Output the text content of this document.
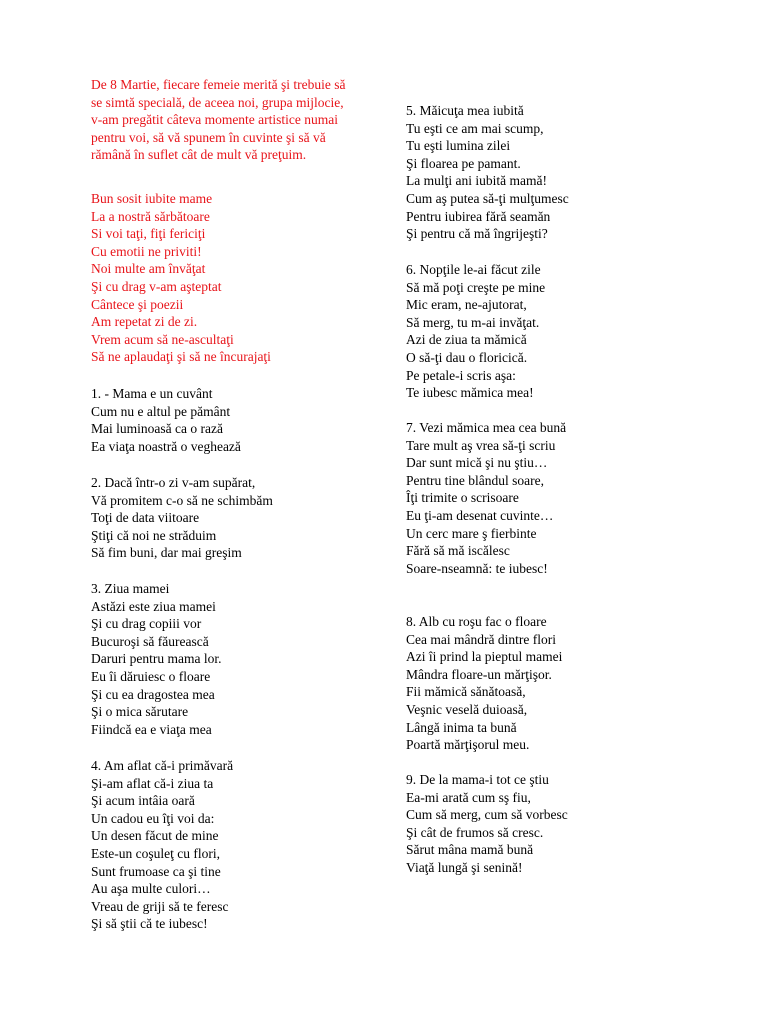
De 8 Martie, fiecare femeie merită şi trebuie să
se simtă specială, de aceea noi, grupa mijlocie,
v-am pregătit câteva momente artistice numai
pentru voi, să vă spunem în cuvinte şi să vă
rămână în suflet cât de mult vă preţuim.
Bun sosit iubite mame
La a nostră sărbătoare
Si voi taţi, fiţi fericiţi
Cu emotii ne priviti!
Noi multe am învăţat
Şi cu drag v-am aşteptat
Cântece şi poezii
Am repetat zi de zi.
Vrem acum să ne-ascultaţi
Să ne aplaudaţi şi să ne încurajaţi
1. - Mama e un cuvânt
Cum nu e altul pe pământ
Mai luminoasă ca o rază
Ea viaţa noastră o veghează
2. Dacă într-o zi v-am supărat,
Vă promitem c-o să ne schimbăm
Toţi de data viitoare
Ştiţi că noi ne străduim
Să fim buni, dar mai greşim
3. Ziua mamei
Astăzi este ziua mamei
Şi cu drag copiii vor
Bucuroşi să făurească
Daruri pentru mama lor.
Eu îi dăruiesc o floare
Şi cu ea dragostea mea
Şi o mica sărutare
Fiindcă ea e viaţa mea
4. Am aflat că-i primăvară
Şi-am aflat că-i ziua ta
Şi acum intâia oară
Un cadou eu îţi voi da:
Un desen făcut de mine
Este-un coşuleţ cu flori,
Sunt frumoase ca şi tine
Au aşa multe culori…
Vreau de griji să te feresc
Şi să ştii că te iubesc!
5. Măicuţa mea iubită
Tu eşti ce am mai scump,
Tu eşti lumina zilei
Şi floarea pe pamant.
La mulţi ani iubită mamă!
Cum aş putea să-ţi mulţumesc
Pentru iubirea fără seamăn
Şi pentru că mă îngrijeşti?
6. Nopţile le-ai făcut zile
Să mă poţi creşte pe mine
Mic eram, ne-ajutorat,
Să merg, tu m-ai invăţat.
Azi de ziua ta mămică
O să-ţi dau o floricică.
Pe petale-i scris aşa:
Te iubesc mămica mea!
7. Vezi mămica mea cea bună
Tare mult aş vrea să-ţi scriu
Dar sunt mică şi nu ştiu…
Pentru tine blândul soare,
Îţi trimite o scrisoare
Eu ţi-am desenat cuvinte…
Un cerc mare ş fierbinte
Fără să mă iscălesc
Soare-nseamnă: te iubesc!
8. Alb cu roşu fac o floare
Cea mai mândră dintre flori
Azi îi prind la pieptul mamei
Mândra floare-un mărţişor.
Fii mămică sănătoasă,
Veşnic veselă duioasă,
Lângă inima ta bună
Poartă mărţişorul meu.
9. De la mama-i tot ce ştiu
Ea-mi arată cum sş fiu,
Cum să merg, cum să vorbesc
Şi cât de frumos să cresc.
Sărut mâna mamă bună
Viaţă lungă şi senină!
